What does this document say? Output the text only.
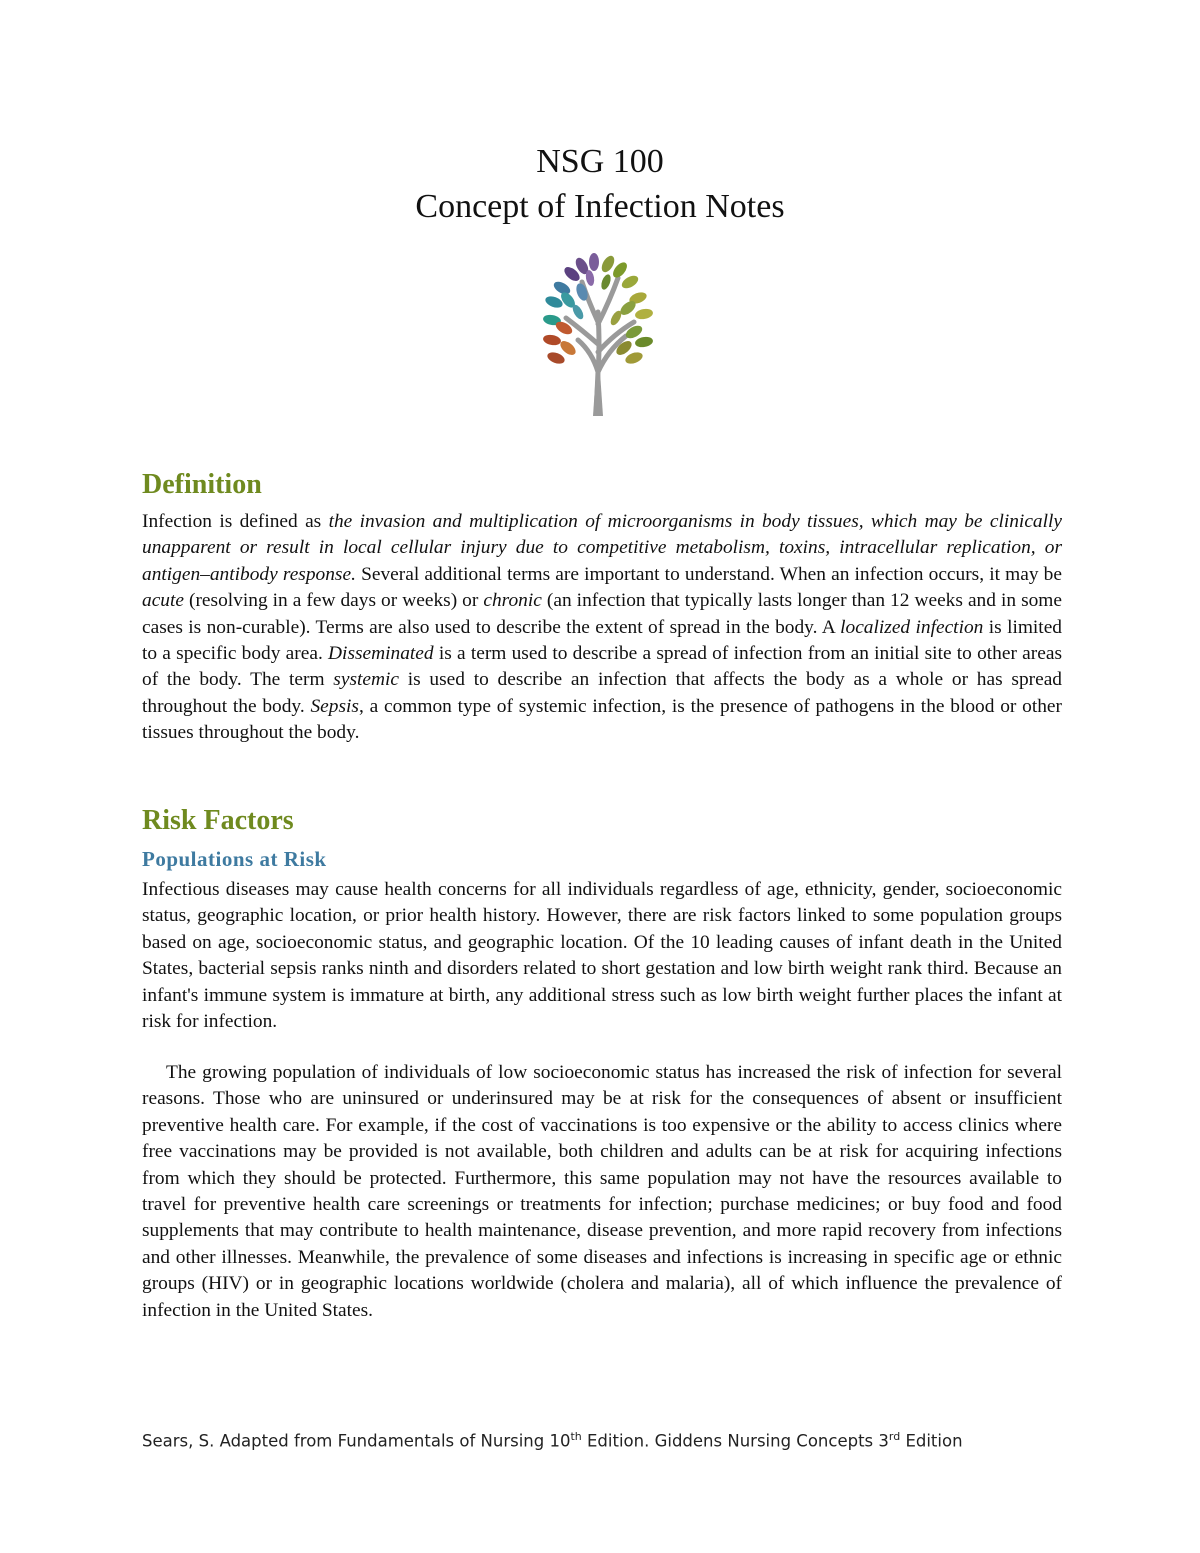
NSG 100
Concept of Infection Notes
Definition

Infection is defined as the invasion and multiplication of microorganisms in body tissues, which may be clinically unapparent or result in local cellular injury due to competitive metabolism, toxins, intracellular replication, or antigen–antibody response. Several additional terms are important to understand. When an infection occurs, it may be acute (resolving in a few days or weeks) or chronic (an infection that typically lasts longer than 12 weeks and in some cases is non-curable). Terms are also used to describe the extent of spread in the body. A localized infection is limited to a specific body area. Disseminated is a term used to describe a spread of infection from an initial site to other areas of the body. The term systemic is used to describe an infection that affects the body as a whole or has spread throughout the body. Sepsis, a common type of systemic infection, is the presence of pathogens in the blood or other tissues throughout the body.

Risk Factors
Populations at Risk

Infectious diseases may cause health concerns for all individuals regardless of age, ethnicity, gender, socioeconomic status, geographic location, or prior health history. However, there are risk factors linked to some population groups based on age, socioeconomic status, and geographic location. Of the 10 leading causes of infant death in the United States, bacterial sepsis ranks ninth and disorders related to short gestation and low birth weight rank third. Because an infant's immune system is immature at birth, any additional stress such as low birth weight further places the infant at risk for infection.

The growing population of individuals of low socioeconomic status has increased the risk of infection for several reasons. Those who are uninsured or underinsured may be at risk for the consequences of absent or insufficient preventive health care. For example, if the cost of vaccinations is too expensive or the ability to access clinics where free vaccinations may be provided is not available, both children and adults can be at risk for acquiring infections from which they should be protected. Furthermore, this same population may not have the resources available to travel for preventive health care screenings or treatments for infection; purchase medicines; or buy food and food supplements that may contribute to health maintenance, disease prevention, and more rapid recovery from infections and other illnesses. Meanwhile, the prevalence of some diseases and infections is increasing in specific age or ethnic groups (HIV) or in geographic locations worldwide (cholera and malaria), all of which influence the prevalence of infection in the United States.

Sears, S. Adapted from Fundamentals of Nursing 10th Edition. Giddens Nursing Concepts 3rd Edition
